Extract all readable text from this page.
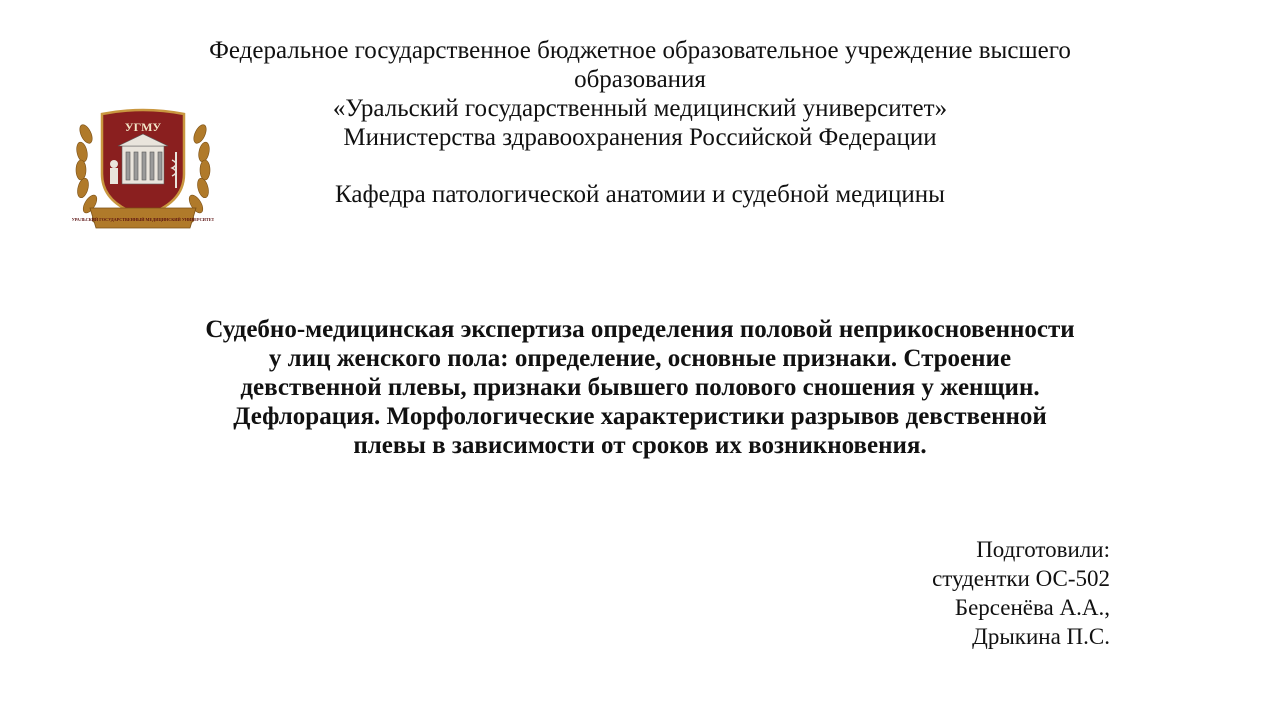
Федеральное государственное бюджетное образовательное учреждение высшего
образования
«Уральский государственный медицинский университет»
Министерства здравоохранения Российской Федерации
Кафедра патологической анатомии и судебной медицины
УГМУ
УРАЛЬСКИЙ ГОСУДАРСТВЕННЫЙ МЕДИЦИНСКИЙ УНИВЕРСИТЕТ
Судебно-медицинская экспертиза определения половой неприкосновенности
у лиц женского пола: определение, основные признаки. Строение
девственной плевы, признаки бывшего полового сношения у женщин.
Дефлорация. Морфологические характеристики разрывов девственной
плевы в зависимости от сроков их возникновения.
Подготовили:
студентки ОС-502
Берсенёва А.А.,
Дрыкина П.С.
